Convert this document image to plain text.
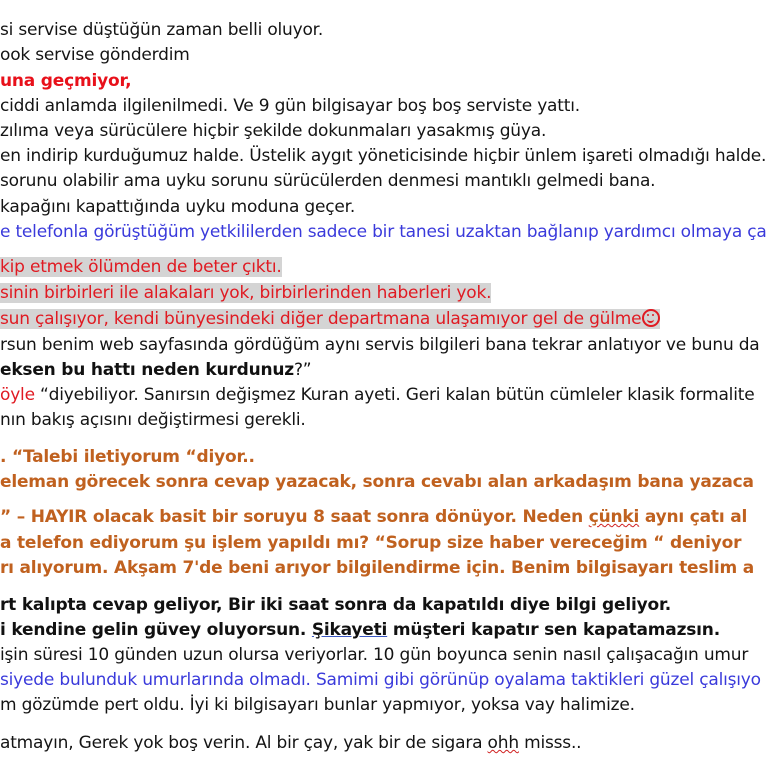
si servise düştüğün zaman belli oluyor.
ook servise gönderdim
una geçmiyor,
ciddi anlamda ilgilenilmedi. Ve 9 gün bilgisayar boş boş serviste yattı.
zılıma veya sürücülere hiçbir şekilde dokunmaları yasakmış güya.
en indirip kurduğumuz halde. Üstelik aygıt yöneticisinde hiçbir ünlem işareti olmadığı halde.
sorunu olabilir ama uyku sorunu sürücülerden denmesi mantıklı gelmedi bana.
kapağını kapattığında uyku moduna geçer.
e telefonla görüştüğüm yetkililerden sadece bir tanesi uzaktan bağlanıp yardımcı olmaya ça
kip etmek ölümden de beter çıktı.
sinin birbirleri ile alakaları yok, birbirlerinden haberleri yok.
sun çalışıyor, kendi bünyesindeki diğer departmana ulaşamıyor gel de gülme
rsun benim web sayfasında gördüğüm aynı servis bilgileri bana tekrar anlatıyor ve bunu da
eksen bu hattı neden kurdunuz?”
öyle “diyebiliyor. Sanırsın değişmez Kuran ayeti. Geri kalan bütün cümleler klasik formalite
nın bakış açısını değiştirmesi gerekli.
. “Talebi iletiyorum “diyor..
eleman görecek sonra cevap yazacak, sonra cevabı alan arkadaşım bana yazaca
” – HAYIR olacak basit bir soruyu 8 saat sonra dönüyor. Neden çünki aynı çatı al
a telefon ediyorum şu işlem yapıldı mı? “Sorup size haber vereceğim “ deniyor
rı alıyorum. Akşam 7'de beni arıyor bilgilendirme için. Benim bilgisayarı teslim a
rt kalıpta cevap geliyor, Bir iki saat sonra da kapatıldı diye bilgi geliyor.
i kendine gelin güvey oluyorsun. Şikayeti müşteri kapatır sen kapatamazsın.
işin süresi 10 günden uzun olursa veriyorlar. 10 gün boyunca senin nasıl çalışacağın umur
siyede bulunduk umurlarında olmadı. Samimi gibi görünüp oyalama taktikleri güzel çalışıyo
m gözümde pert oldu. İyi ki bilgisayarı bunlar yapmıyor, yoksa vay halimize.
atmayın, Gerek yok boş verin. Al bir çay, yak bir de sigara ohh misss..
